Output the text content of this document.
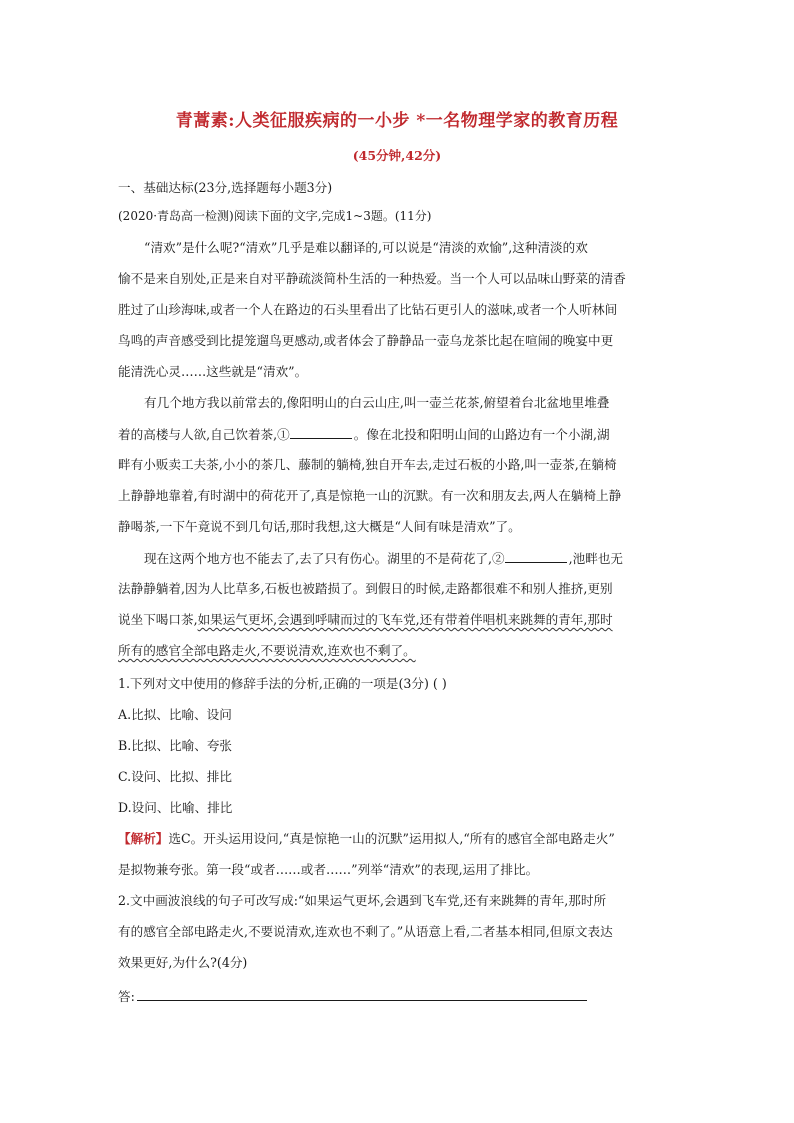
青蒿素:人类征服疾病的一小步 *一名物理学家的教育历程
(45分钟,42分)
一、基础达标(23分,选择题每小题3分)
(2020·青岛高一检测)阅读下面的文字,完成1~3题。(11分)
“清欢”是什么呢?“清欢”几乎是难以翻译的,可以说是“清淡的欢愉”,这种清淡的欢
愉不是来自别处,正是来自对平静疏淡简朴生活的一种热爱。当一个人可以品味山野菜的清香
胜过了山珍海味,或者一个人在路边的石头里看出了比钻石更引人的滋味,或者一个人听林间
鸟鸣的声音感受到比提笼遛鸟更感动,或者体会了静静品一壶乌龙茶比起在喧闹的晚宴中更
能清洗心灵……这些就是“清欢”。
有几个地方我以前常去的,像阳明山的白云山庄,叫一壶兰花茶,俯望着台北盆地里堆叠
着的高楼与人欲,自己饮着茶,①	。像在北投和阳明山间的山路边有一个小湖,湖
畔有小贩卖工夫茶,小小的茶几、藤制的躺椅,独自开车去,走过石板的小路,叫一壶茶,在躺椅
上静静地靠着,有时湖中的荷花开了,真是惊艳一山的沉默。有一次和朋友去,两人在躺椅上静
静喝茶,一下午竟说不到几句话,那时我想,这大概是“人间有味是清欢”了。
现在这两个地方也不能去了,去了只有伤心。湖里的不是荷花了,②	,池畔也无
法静静躺着,因为人比草多,石板也被踏损了。到假日的时候,走路都很难不和别人推挤,更别
说坐下喝口茶,如果运气更坏,会遇到呼啸而过的飞车党,还有带着伴唱机来跳舞的青年,那时
所有的感官全部电路走火,不要说清欢,连欢也不剩了。
1.下列对文中使用的修辞手法的分析,正确的一项是(3分) ( )
A.比拟、比喻、设问
B.比拟、比喻、夸张
C.设问、比拟、排比
D.设问、比喻、排比
【解析】选C。开头运用设问,“真是惊艳一山的沉默”运用拟人,“所有的感官全部电路走火”
是拟物兼夸张。第一段“或者……或者……”列举“清欢”的表现,运用了排比。
2.文中画波浪线的句子可改写成:“如果运气更坏,会遇到飞车党,还有来跳舞的青年,那时所
有的感官全部电路走火,不要说清欢,连欢也不剩了。”从语意上看,二者基本相同,但原文表达
效果更好,为什么?(4分)
答:
